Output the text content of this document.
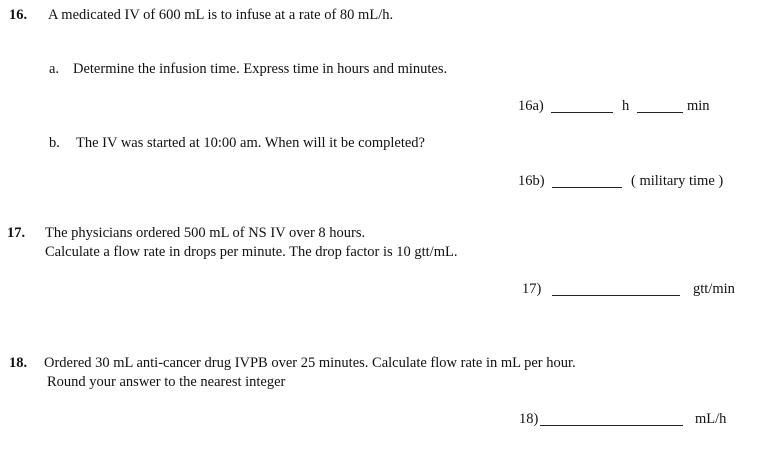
16. A medicated IV of 600 mL is to infuse at a rate of 80 mL/h.
a. Determine the infusion time. Express time in hours and minutes.
16a)	h	min
b. The IV was started at 10:00 am. When will it be completed?
16b)	( military time )
17. The physicians ordered 500 mL of NS IV over 8 hours.
Calculate a flow rate in drops per minute. The drop factor is 10 gtt/mL.
17)	gtt/min
18. Ordered 30 mL anti-cancer drug IVPB over 25 minutes. Calculate flow rate in mL per hour.
Round your answer to the nearest integer
18)	mL/h
